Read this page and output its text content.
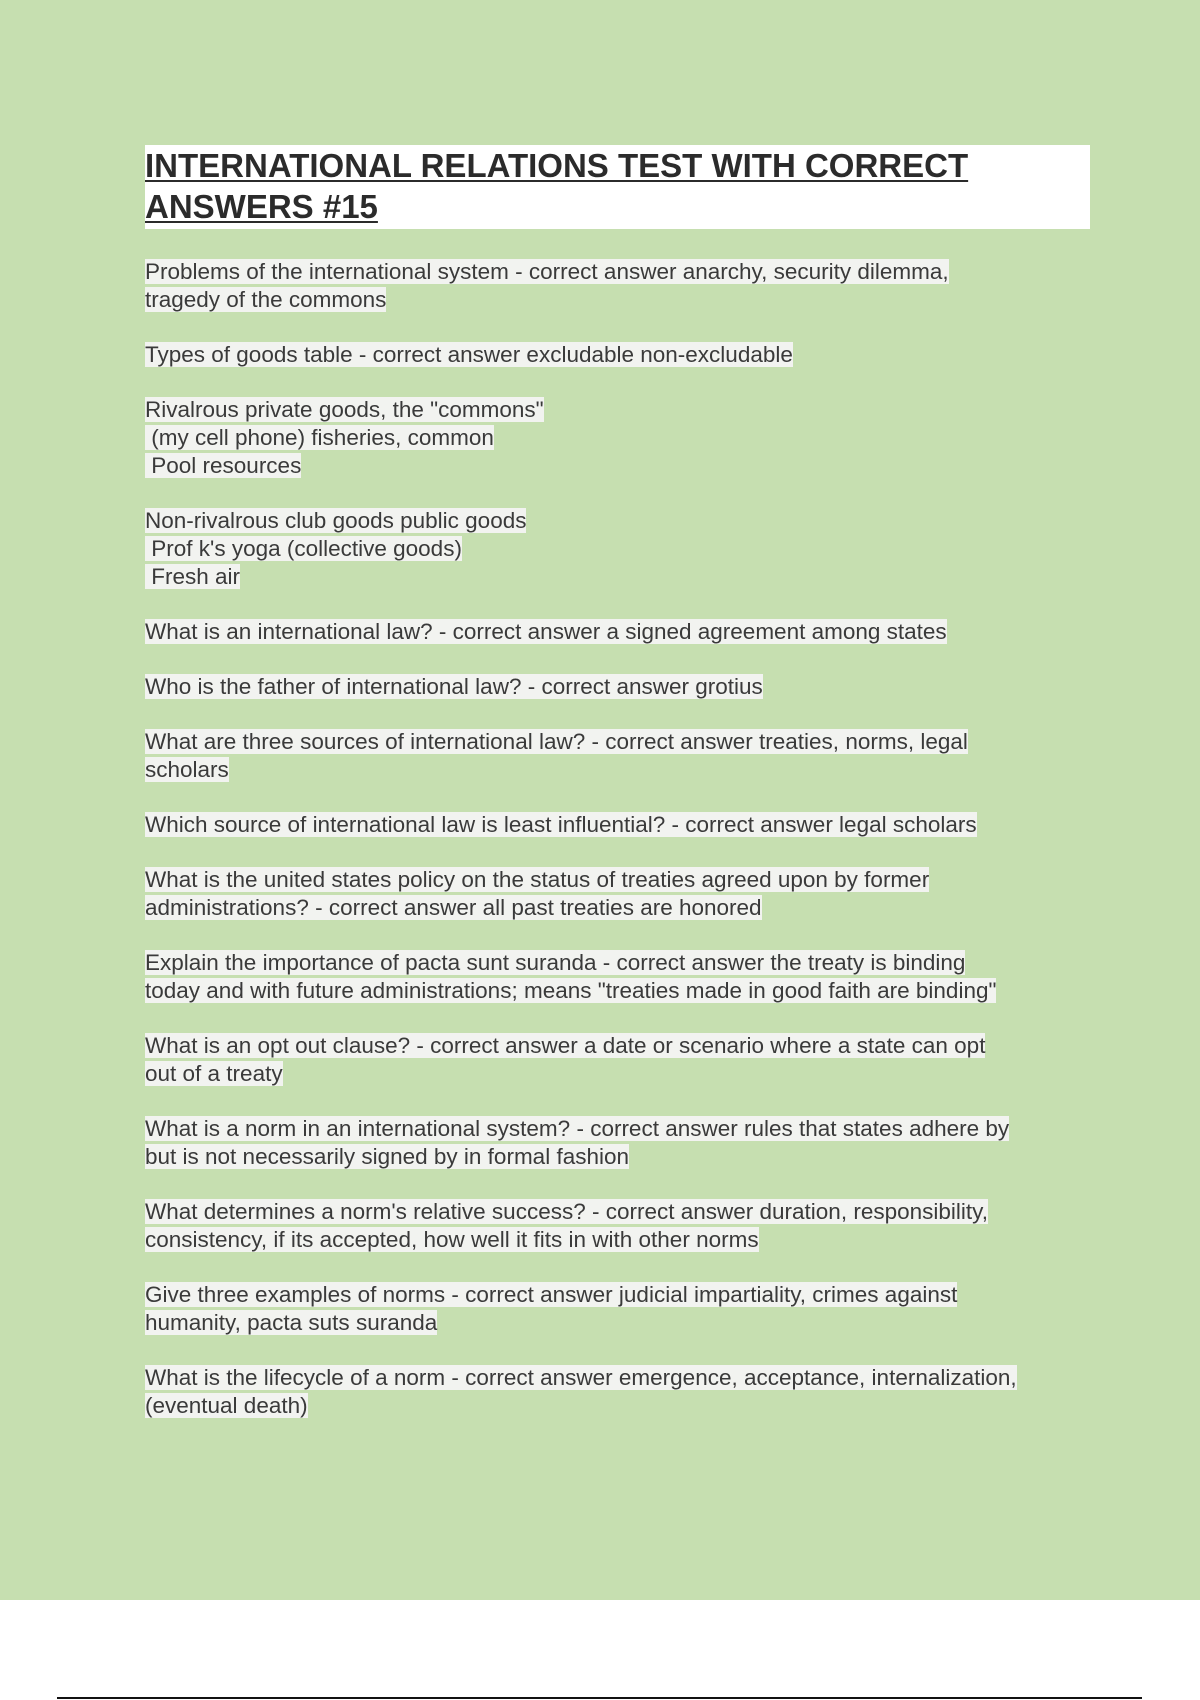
INTERNATIONAL RELATIONS TEST WITH CORRECT
ANSWERS #15
Problems of the international system - correct answer anarchy, security dilemma,
tragedy of the commons
Types of goods table - correct answer excludable non-excludable
Rivalrous private goods, the "commons"
(my cell phone) fisheries, common
Pool resources
Non-rivalrous club goods public goods
Prof k's yoga (collective goods)
Fresh air
What is an international law? - correct answer a signed agreement among states
Who is the father of international law? - correct answer grotius
What are three sources of international law? - correct answer treaties, norms, legal
scholars
Which source of international law is least influential? - correct answer legal scholars
What is the united states policy on the status of treaties agreed upon by former
administrations? - correct answer all past treaties are honored
Explain the importance of pacta sunt suranda - correct answer the treaty is binding
today and with future administrations; means "treaties made in good faith are binding"
What is an opt out clause? - correct answer a date or scenario where a state can opt
out of a treaty
What is a norm in an international system? - correct answer rules that states adhere by
but is not necessarily signed by in formal fashion
What determines a norm's relative success? - correct answer duration, responsibility,
consistency, if its accepted, how well it fits in with other norms
Give three examples of norms - correct answer judicial impartiality, crimes against
humanity, pacta suts suranda
What is the lifecycle of a norm - correct answer emergence, acceptance, internalization,
(eventual death)
